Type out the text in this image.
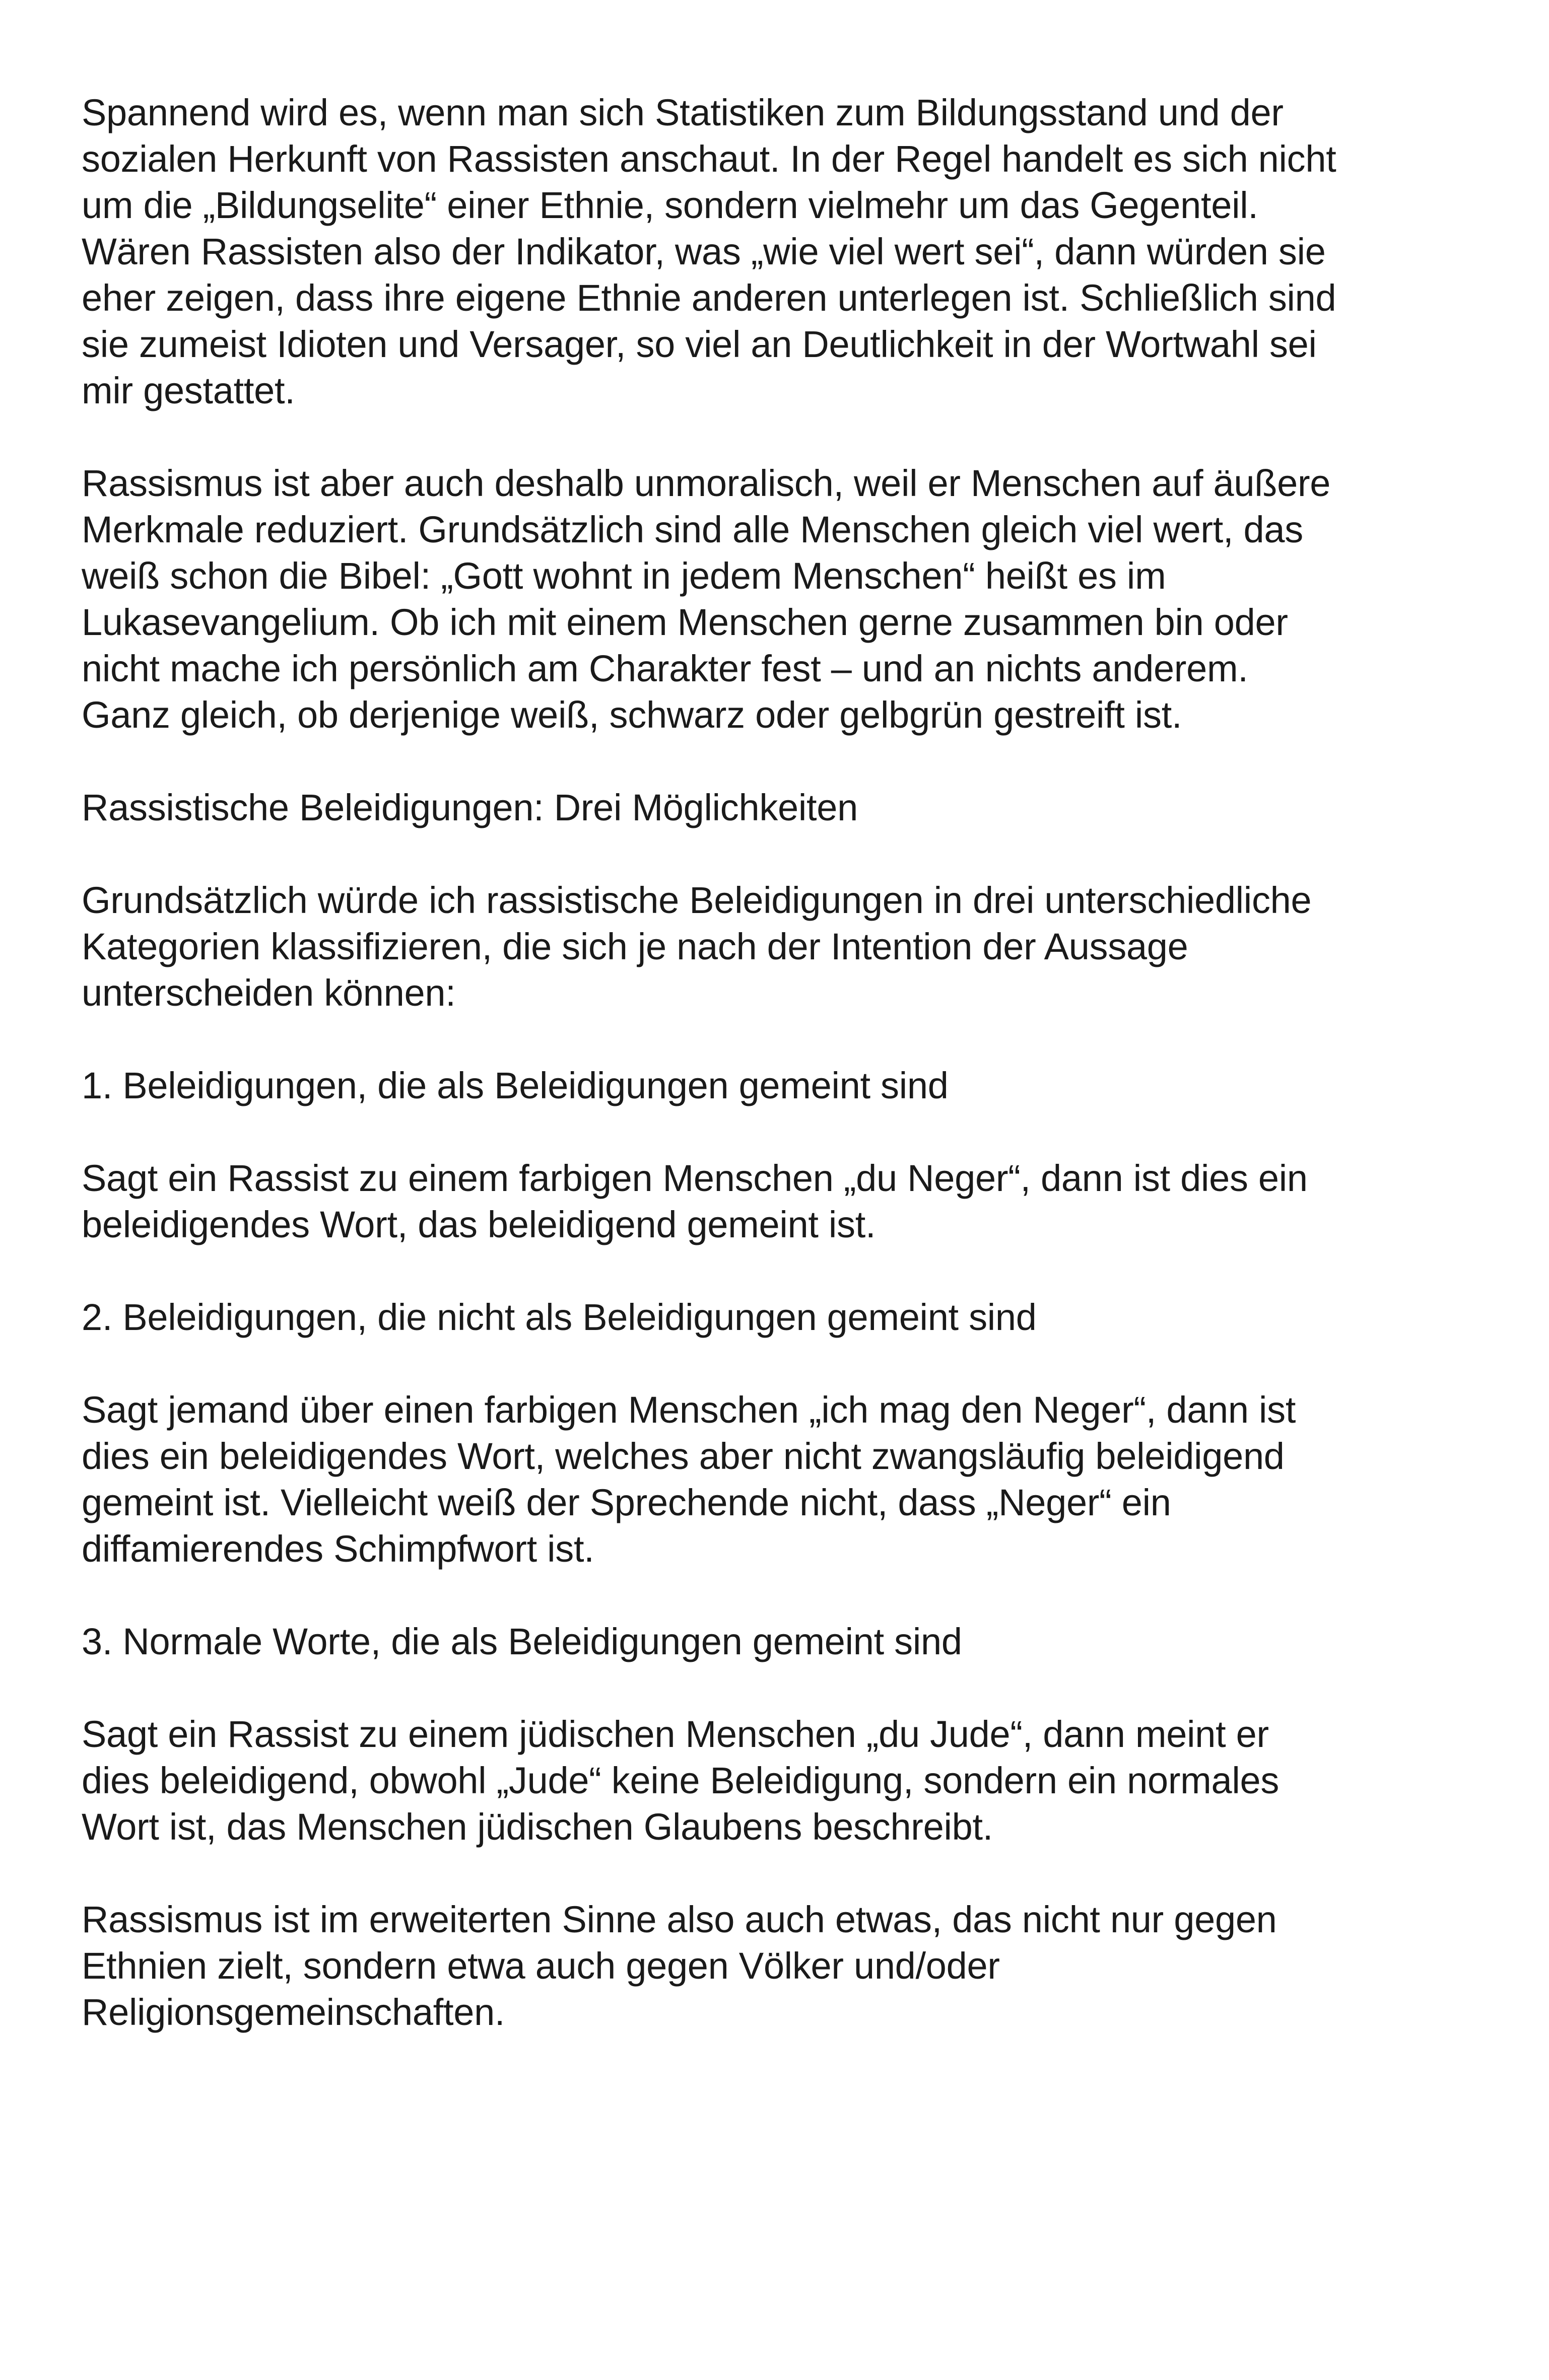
Spannend wird es, wenn man sich Statistiken zum Bildungsstand und der
sozialen Herkunft von Rassisten anschaut. In der Regel handelt es sich nicht
um die „Bildungselite“ einer Ethnie, sondern vielmehr um das Gegenteil.
Wären Rassisten also der Indikator, was „wie viel wert sei“, dann würden sie
eher zeigen, dass ihre eigene Ethnie anderen unterlegen ist. Schließlich sind
sie zumeist Idioten und Versager, so viel an Deutlichkeit in der Wortwahl sei
mir gestattet.

Rassismus ist aber auch deshalb unmoralisch, weil er Menschen auf äußere
Merkmale reduziert. Grundsätzlich sind alle Menschen gleich viel wert, das
weiß schon die Bibel: „Gott wohnt in jedem Menschen“ heißt es im
Lukasevangelium. Ob ich mit einem Menschen gerne zusammen bin oder
nicht mache ich persönlich am Charakter fest – und an nichts anderem.
Ganz gleich, ob derjenige weiß, schwarz oder gelbgrün gestreift ist.

Rassistische Beleidigungen: Drei Möglichkeiten

Grundsätzlich würde ich rassistische Beleidigungen in drei unterschiedliche
Kategorien klassifizieren, die sich je nach der Intention der Aussage
unterscheiden können:

1. Beleidigungen, die als Beleidigungen gemeint sind

Sagt ein Rassist zu einem farbigen Menschen „du Neger“, dann ist dies ein
beleidigendes Wort, das beleidigend gemeint ist.

2. Beleidigungen, die nicht als Beleidigungen gemeint sind

Sagt jemand über einen farbigen Menschen „ich mag den Neger“, dann ist
dies ein beleidigendes Wort, welches aber nicht zwangsläufig beleidigend
gemeint ist. Vielleicht weiß der Sprechende nicht, dass „Neger“ ein
diffamierendes Schimpfwort ist.

3. Normale Worte, die als Beleidigungen gemeint sind

Sagt ein Rassist zu einem jüdischen Menschen „du Jude“, dann meint er
dies beleidigend, obwohl „Jude“ keine Beleidigung, sondern ein normales
Wort ist, das Menschen jüdischen Glaubens beschreibt.

Rassismus ist im erweiterten Sinne also auch etwas, das nicht nur gegen
Ethnien zielt, sondern etwa auch gegen Völker und/oder
Religionsgemeinschaften.
